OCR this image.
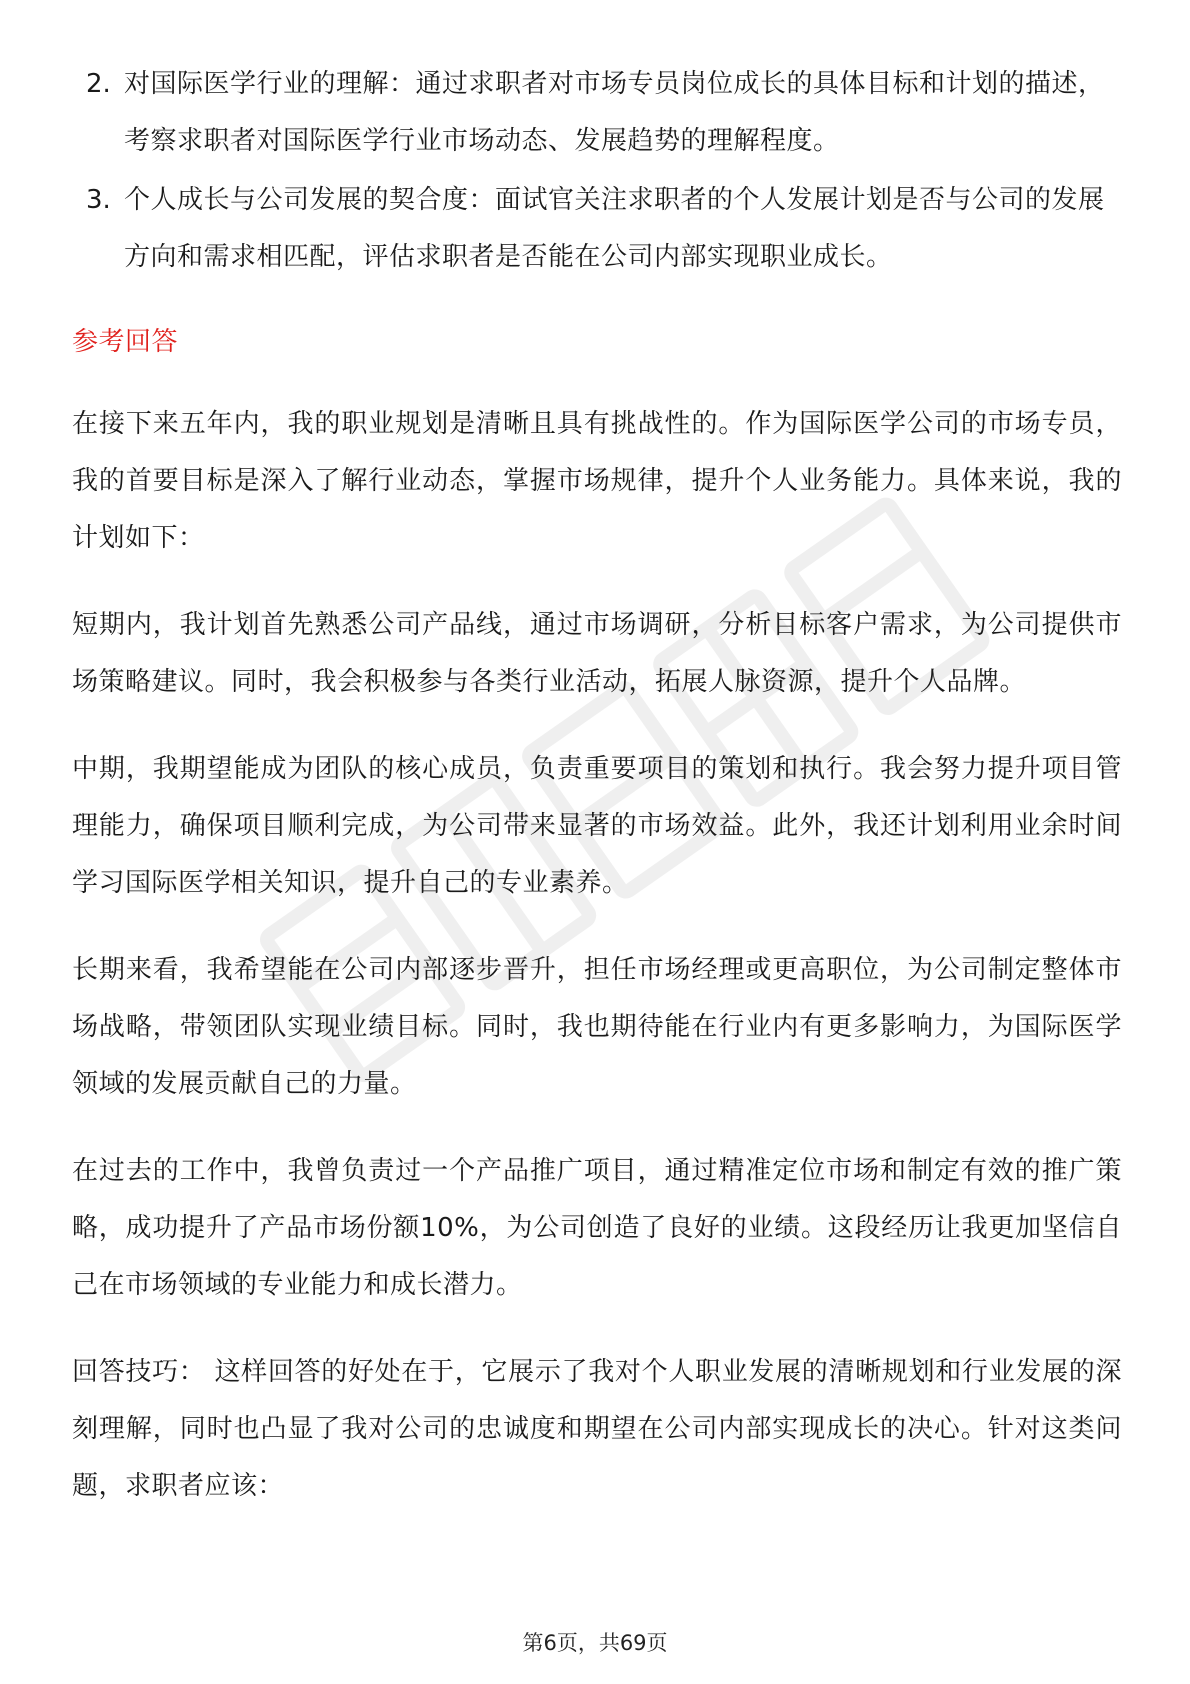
2. 对国际医学行业的理解：通过求职者对市场专员岗位成长的具体目标和计划的描述，考察求职者对国际医学行业市场动态、发展趋势的理解程度。
3. 个人成长与公司发展的契合度：面试官关注求职者的个人发展计划是否与公司的发展方向和需求相匹配，评估求职者是否能在公司内部实现职业成长。
参考回答

在接下来五年内，我的职业规划是清晰且具有挑战性的。作为国际医学公司的市场专员，我的首要目标是深入了解行业动态，掌握市场规律，提升个人业务能力。具体来说，我的计划如下：

短期内，我计划首先熟悉公司产品线，通过市场调研，分析目标客户需求，为公司提供市场策略建议。同时，我会积极参与各类行业活动，拓展人脉资源，提升个人品牌。

中期，我期望能成为团队的核心成员，负责重要项目的策划和执行。我会努力提升项目管理能力，确保项目顺利完成，为公司带来显著的市场效益。此外，我还计划利用业余时间学习国际医学相关知识，提升自己的专业素养。

长期来看，我希望能在公司内部逐步晋升，担任市场经理或更高职位，为公司制定整体市场战略，带领团队实现业绩目标。同时，我也期待能在行业内有更多影响力，为国际医学领域的发展贡献自己的力量。

在过去的工作中，我曾负责过一个产品推广项目，通过精准定位市场和制定有效的推广策略，成功提升了产品市场份额10%，为公司创造了良好的业绩。这段经历让我更加坚信自己在市场领域的专业能力和成长潜力。

回答技巧： 这样回答的好处在于，它展示了我对个人职业发展的清晰规划和行业发展的深刻理解，同时也凸显了我对公司的忠诚度和期望在公司内部实现成长的决心。针对这类问题，求职者应该：

第6页，共69页
